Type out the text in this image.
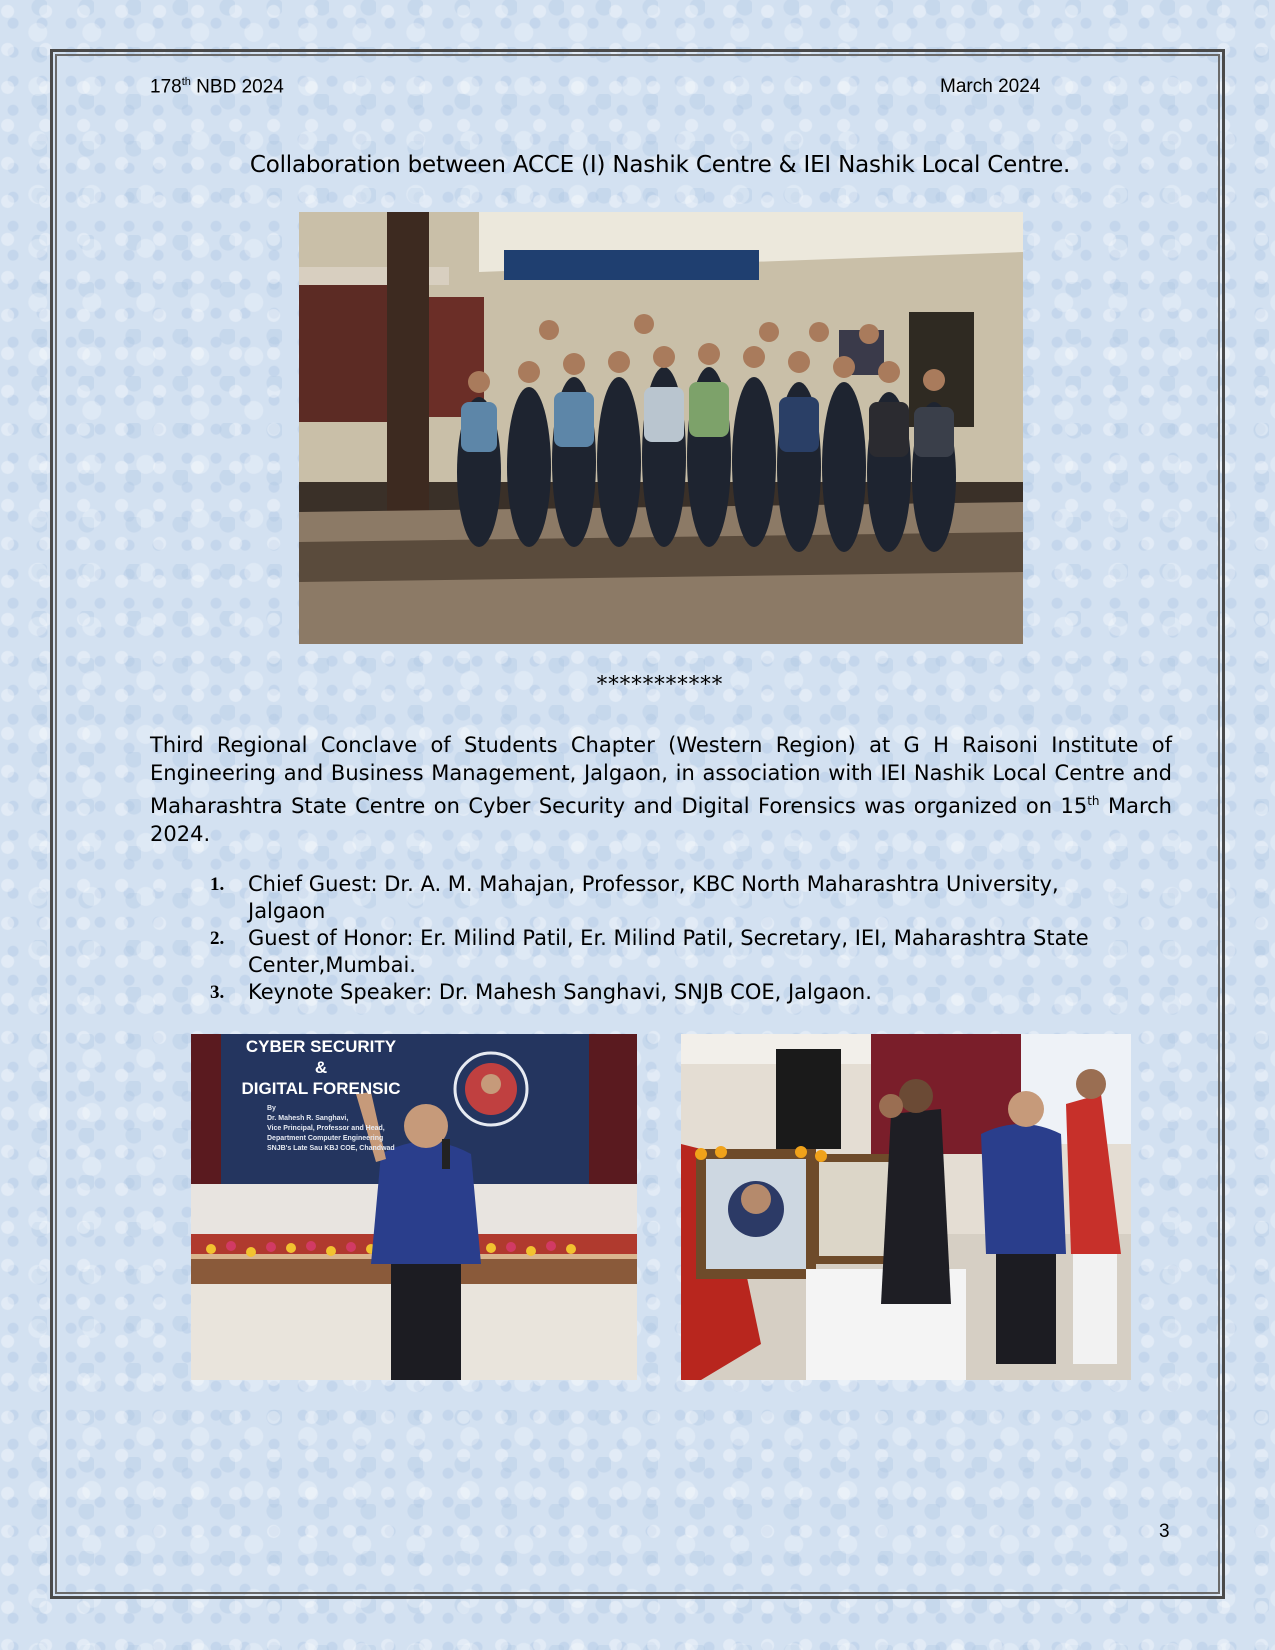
178th NBD 2024	March 2024
Collaboration between ACCE (I) Nashik Centre & IEI Nashik Local Centre.
***********
Third Regional Conclave of Students Chapter (Western Region) at G H Raisoni Institute of Engineering and Business Management, Jalgaon, in association with IEI Nashik Local Centre and Maharashtra State Centre on Cyber Security and Digital Forensics was organized on 15th March 2024.
1. Chief Guest: Dr. A. M. Mahajan, Professor, KBC North Maharashtra University, Jalgaon
2. Guest of Honor: Er. Milind Patil, Er. Milind Patil, Secretary, IEI, Maharashtra State Center,Mumbai.
3. Keynote Speaker: Dr. Mahesh Sanghavi, SNJB COE, Jalgaon.
CYBER SECURITY
&
DIGITAL FORENSIC
By
Dr. Mahesh R. Sanghavi,
Vice Principal, Professor and Head,
Department Computer Engineering
SNJB's Late Sau KBJ COE, Chandwad
3
